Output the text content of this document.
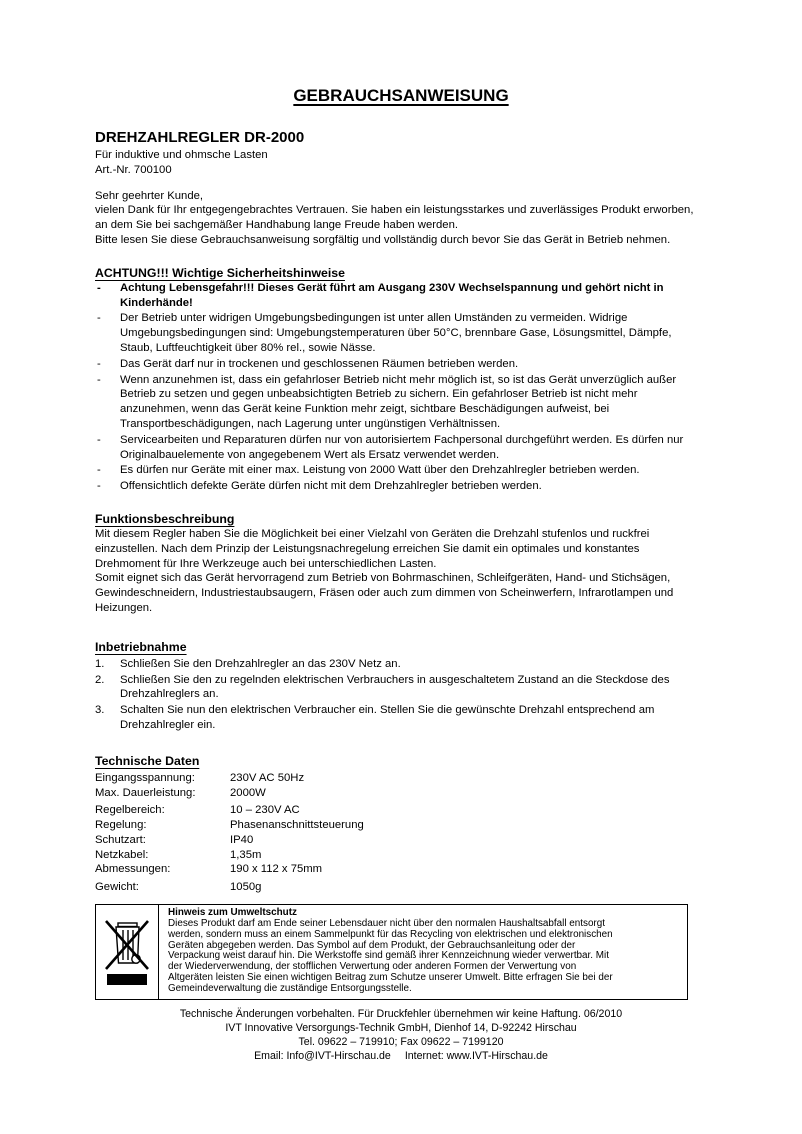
GEBRAUCHSANWEISUNG
DREHZAHLREGLER DR-2000
Für induktive und ohmsche Lasten
Art.-Nr. 700100
Sehr geehrter Kunde,
vielen Dank für Ihr entgegengebrachtes Vertrauen. Sie haben ein leistungsstarkes und zuverlässiges Produkt erworben, an dem Sie bei sachgemäßer Handhabung lange Freude haben werden.
Bitte lesen Sie diese Gebrauchsanweisung sorgfältig und vollständig durch bevor Sie das Gerät in Betrieb nehmen.
ACHTUNG!!! Wichtige Sicherheitshinweise
- Achtung Lebensgefahr!!! Dieses Gerät führt am Ausgang 230V Wechselspannung und gehört nicht in Kinderhände!
- Der Betrieb unter widrigen Umgebungsbedingungen ist unter allen Umständen zu vermeiden. Widrige Umgebungsbedingungen sind: Umgebungstemperaturen über 50°C, brennbare Gase, Lösungsmittel, Dämpfe, Staub, Luftfeuchtigkeit über 80% rel., sowie Nässe.
- Das Gerät darf nur in trockenen und geschlossenen Räumen betrieben werden.
- Wenn anzunehmen ist, dass ein gefahrloser Betrieb nicht mehr möglich ist, so ist das Gerät unverzüglich außer Betrieb zu setzen und gegen unbeabsichtigten Betrieb zu sichern. Ein gefahrloser Betrieb ist nicht mehr anzunehmen, wenn das Gerät keine Funktion mehr zeigt, sichtbare Beschädigungen aufweist, bei Transportbeschädigungen, nach Lagerung unter ungünstigen Verhältnissen.
- Servicearbeiten und Reparaturen dürfen nur von autorisiertem Fachpersonal durchgeführt werden. Es dürfen nur Originalbauelemente von angegebenem Wert als Ersatz verwendet werden.
- Es dürfen nur Geräte mit einer max. Leistung von 2000 Watt über den Drehzahlregler betrieben werden.
- Offensichtlich defekte Geräte dürfen nicht mit dem Drehzahlregler betrieben werden.
Funktionsbeschreibung

Mit diesem Regler haben Sie die Möglichkeit bei einer Vielzahl von Geräten die Drehzahl stufenlos und ruckfrei einzustellen. Nach dem Prinzip der Leistungsnachregelung erreichen Sie damit ein optimales und konstantes Drehmoment für Ihre Werkzeuge auch bei unterschiedlichen Lasten.

Somit eignet sich das Gerät hervorragend zum Betrieb von Bohrmaschinen, Schleifgeräten, Hand- und Stichsägen, Gewindeschneidern, Industriestaubsaugern, Fräsen oder auch zum dimmen von Scheinwerfern, Infrarotlampen und Heizungen.

Inbetriebnahme
1. Schließen Sie den Drehzahlregler an das 230V Netz an.
2. Schließen Sie den zu regelnden elektrischen Verbrauchers in ausgeschaltetem Zustand an die Steckdose des Drehzahlreglers an.
3. Schalten Sie nun den elektrischen Verbraucher ein. Stellen Sie die gewünschte Drehzahl entsprechend am Drehzahlregler ein.
Technische Daten
Eingangsspannung:	230V AC 50Hz
Max. Dauerleistung:	2000W
Regelbereich:	10 – 230V AC
Regelung:	Phasenanschnittsteuerung
Schutzart:	IP40
Netzkabel:	1,35m
Abmessungen:	190 x 112 x 75mm
Gewicht:	1050g
Hinweis zum Umweltschutz

Dieses Produkt darf am Ende seiner Lebensdauer nicht über den normalen Haushaltsabfall entsorgt werden, sondern muss an einem Sammelpunkt für das Recycling von elektrischen und elektronischen Geräten abgegeben werden. Das Symbol auf dem Produkt, der Gebrauchsanleitung oder der Verpackung weist darauf hin. Die Werkstoffe sind gemäß ihrer Kennzeichnung wieder verwertbar. Mit der Wiederverwendung, der stofflichen Verwertung oder anderen Formen der Verwertung von Altgeräten leisten Sie einen wichtigen Beitrag zum Schutze unserer Umwelt. Bitte erfragen Sie bei der Gemeindeverwaltung die zuständige Entsorgungsstelle.

Technische Änderungen vorbehalten. Für Druckfehler übernehmen wir keine Haftung. 06/2010
IVT Innovative Versorgungs-Technik GmbH, Dienhof 14, D-92242 Hirschau
Tel. 09622 – 719910; Fax 09622 – 7199120
Email: Info@IVT-Hirschau.de Internet: www.IVT-Hirschau.de
